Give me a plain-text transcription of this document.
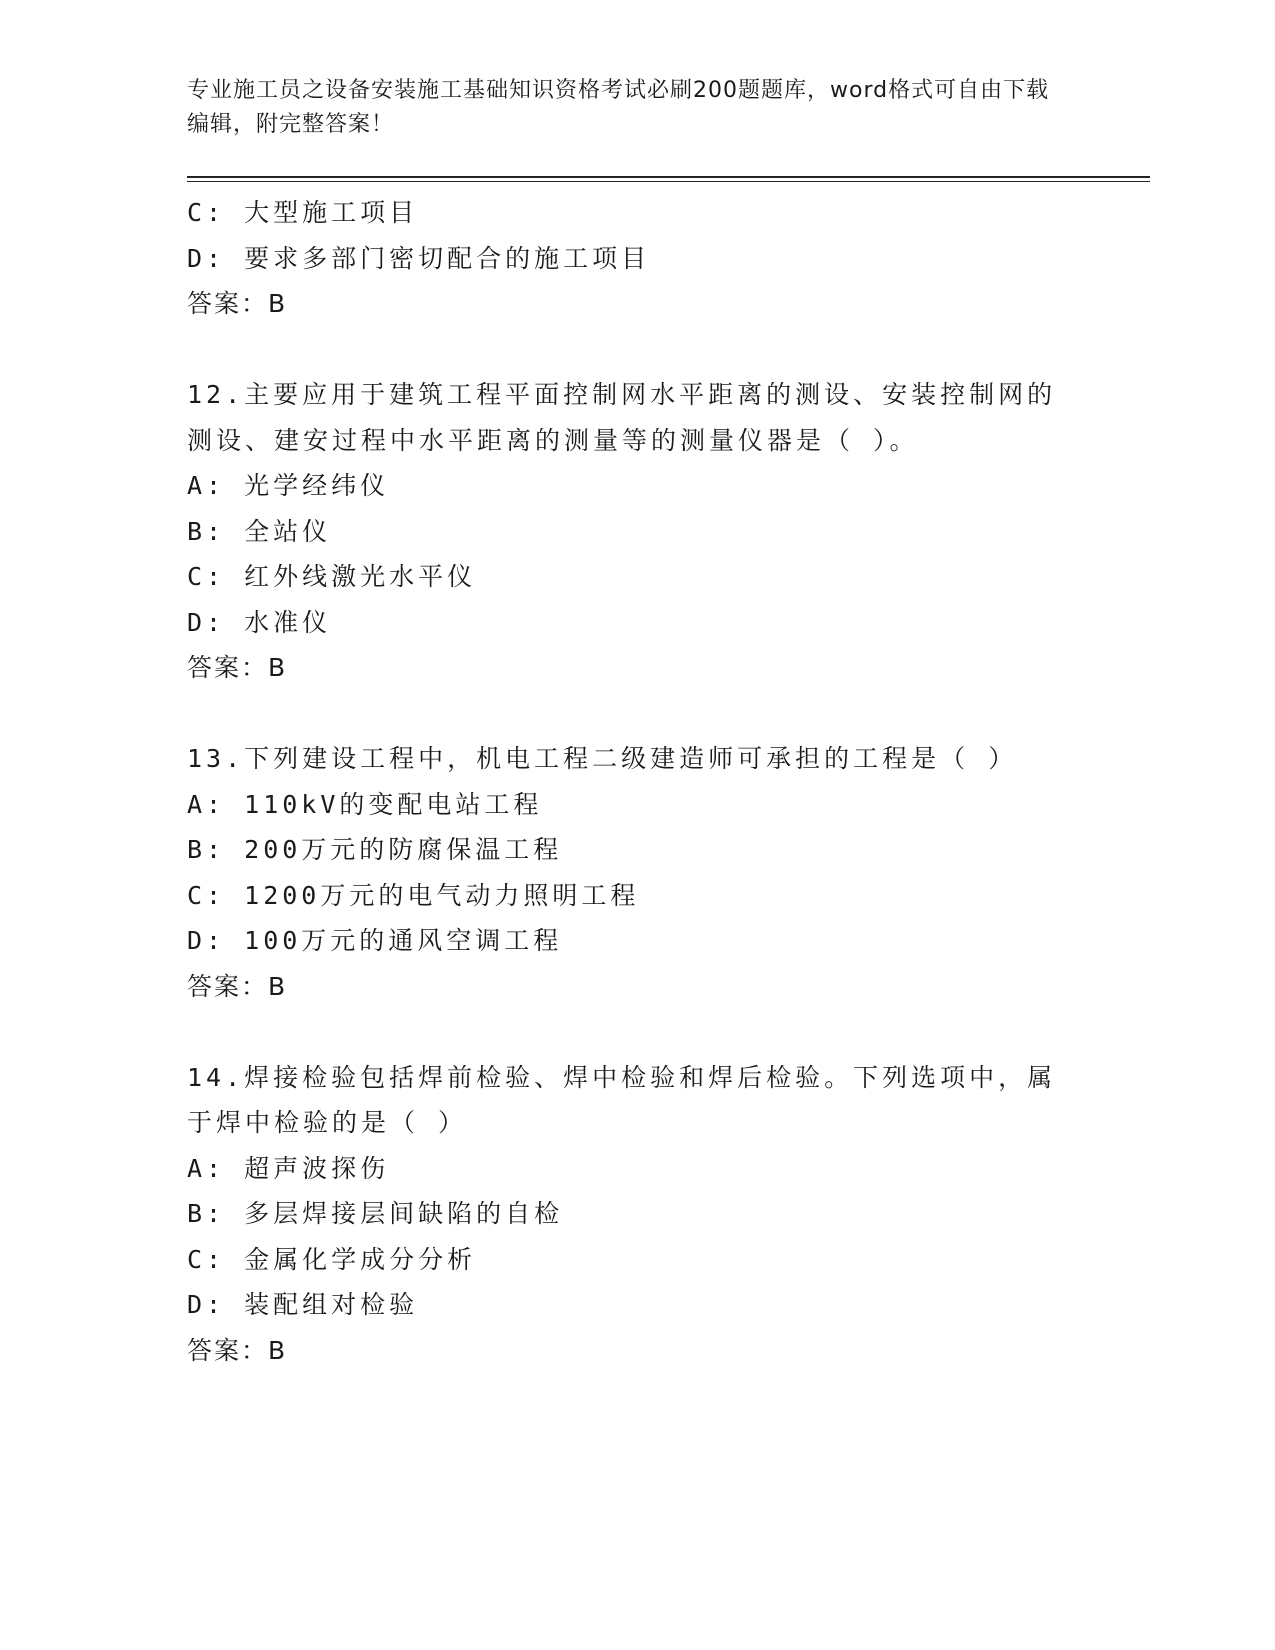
专业施工员之设备安装施工基础知识资格考试必刷200题题库，word格式可自由下载编辑，附完整答案！
C: 大型施工项目
D: 要求多部门密切配合的施工项目
答案：B
12.主要应用于建筑工程平面控制网水平距离的测设、安装控制网的测设、建安过程中水平距离的测量等的测量仪器是（ ）。
A: 光学经纬仪
B: 全站仪
C: 红外线激光水平仪
D: 水准仪
答案：B
13.下列建设工程中，机电工程二级建造师可承担的工程是（ ）
A: 110kV的变配电站工程
B: 200万元的防腐保温工程
C: 1200万元的电气动力照明工程
D: 100万元的通风空调工程
答案：B
14.焊接检验包括焊前检验、焊中检验和焊后检验。下列选项中，属于焊中检验的是（ ）
A: 超声波探伤
B: 多层焊接层间缺陷的自检
C: 金属化学成分分析
D: 装配组对检验
答案：B
